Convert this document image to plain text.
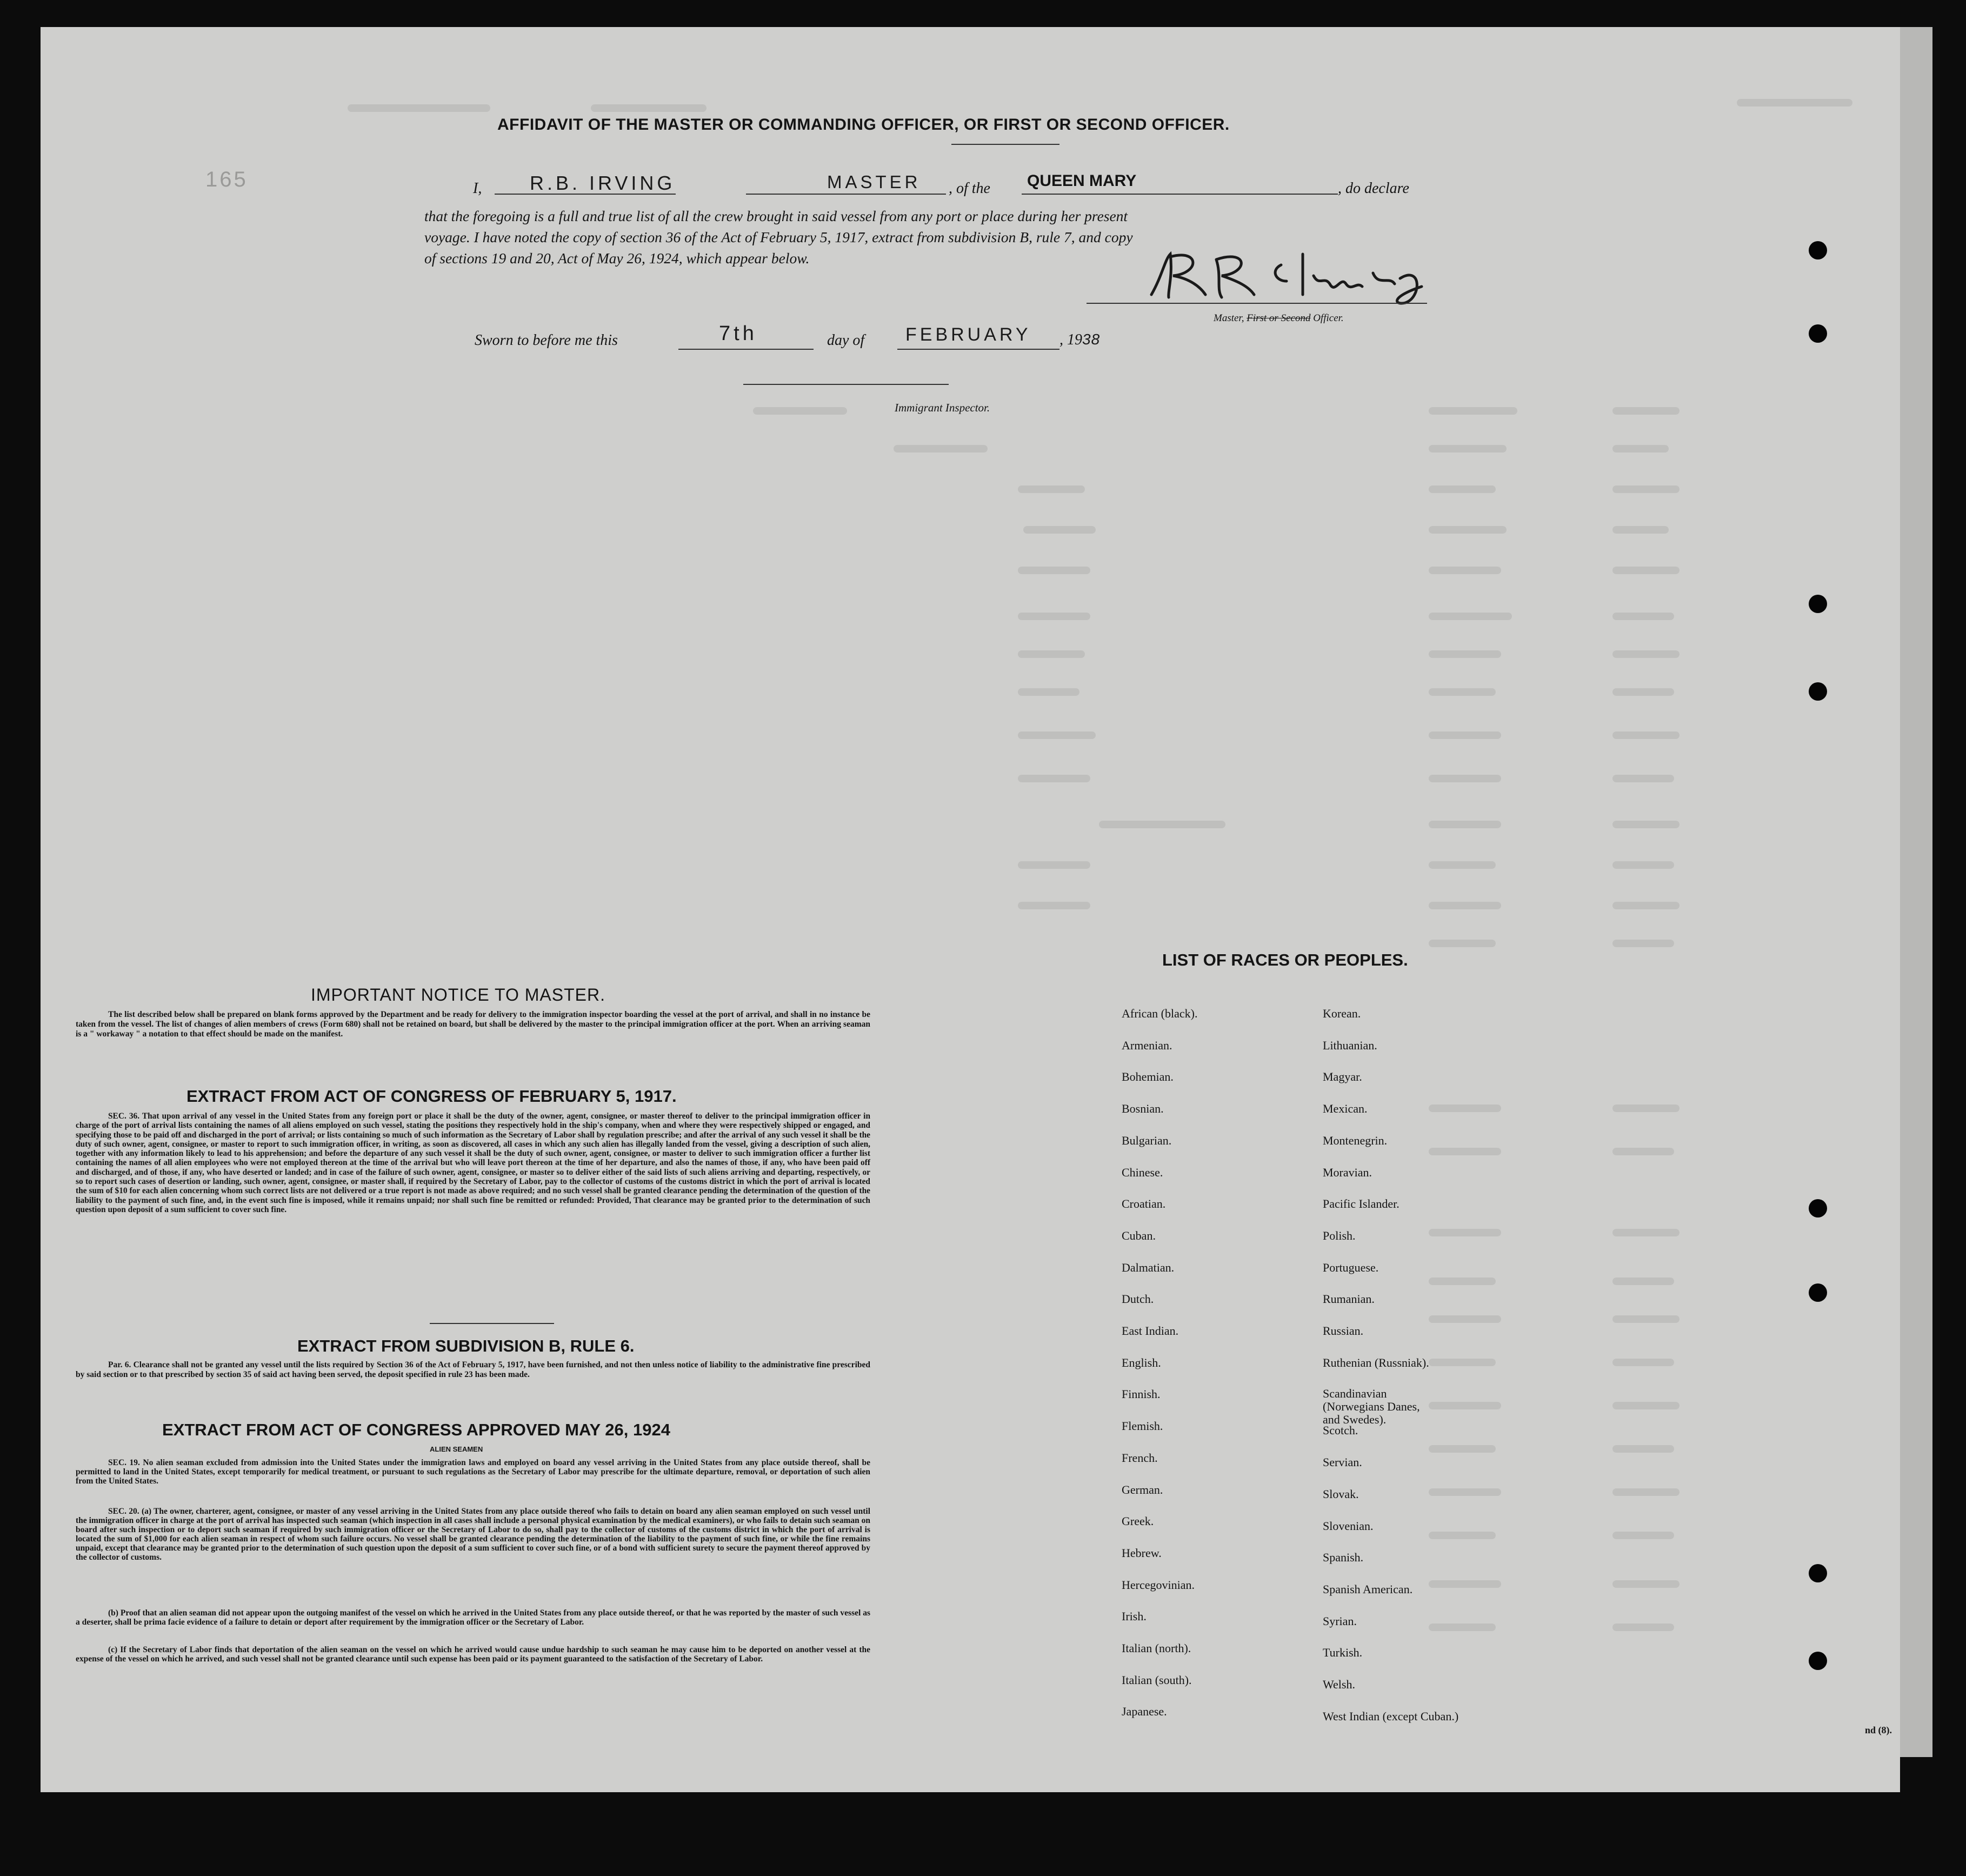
AFFIDAVIT OF THE MASTER OR COMMANDING OFFICER, OR FIRST OR SECOND OFFICER.
165	I, R.B. IRVING	MASTER , of the QUEEN MARY	, do declare
that the foregoing is a full and true list of all the crew brought in said vessel from any port or place during her present
voyage. I have noted the copy of section 36 of the Act of February 5, 1917, extract from subdivision B, rule 7, and copy
of sections 19 and 20, Act of May 26, 1924, which appear below.
Master, First or Second Officer.
Sworn to before me this	7th	day of FEBRUARY , 1938
Immigrant Inspector.
IMPORTANT NOTICE TO MASTER.
The list described below shall be prepared on blank forms approved by the Department and be ready for delivery to the immigration inspector boarding the vessel at the port of arrival, and shall in no instance be taken from the vessel. The list of changes of alien members of crews (Form 680) shall not be retained on board, but shall be delivered by the master to the principal immigration officer at the port. When an arriving seaman is a " workaway " a notation to that effect should be made on the manifest.
EXTRACT FROM ACT OF CONGRESS OF FEBRUARY 5, 1917.
SEC. 36. That upon arrival of any vessel in the United States from any foreign port or place it shall be the duty of the owner, agent, consignee, or master thereof to deliver to the principal immigration officer in charge of the port of arrival lists containing the names of all aliens employed on such vessel, stating the positions they respectively hold in the ship's company, when and where they were respectively shipped or engaged, and specifying those to be paid off and discharged in the port of arrival; or lists containing so much of such information as the Secretary of Labor shall by regulation prescribe; and after the arrival of any such vessel it shall be the duty of such owner, agent, consignee, or master to report to such immigration officer, in writing, as soon as discovered, all cases in which any such alien has illegally landed from the vessel, giving a description of such alien, together with any information likely to lead to his apprehension; and before the departure of any such vessel it shall be the duty of such owner, agent, consignee, or master to deliver to such immigration officer a further list containing the names of all alien employees who were not employed thereon at the time of the arrival but who will leave port thereon at the time of her departure, and also the names of those, if any, who have been paid off and discharged, and of those, if any, who have deserted or landed; and in case of the failure of such owner, agent, consignee, or master so to deliver either of the said lists of such aliens arriving and departing, respectively, or so to report such cases of desertion or landing, such owner, agent, consignee, or master shall, if required by the Secretary of Labor, pay to the collector of customs of the customs district in which the port of arrival is located the sum of $10 for each alien concerning whom such correct lists are not delivered or a true report is not made as above required; and no such vessel shall be granted clearance pending the determination of the question of the liability to the payment of such fine, and, in the event such fine is imposed, while it remains unpaid; nor shall such fine be remitted or refunded: Provided, That clearance may be granted prior to the determination of such question upon deposit of a sum sufficient to cover such fine.
EXTRACT FROM SUBDIVISION B, RULE 6.
Par. 6. Clearance shall not be granted any vessel until the lists required by Section 36 of the Act of February 5, 1917, have been furnished, and not then unless notice of liability to the administrative fine prescribed by said section or to that prescribed by section 35 of said act having been served, the deposit specified in rule 23 has been made.
EXTRACT FROM ACT OF CONGRESS APPROVED MAY 26, 1924
ALIEN SEAMEN
SEC. 19. No alien seaman excluded from admission into the United States under the immigration laws and employed on board any vessel arriving in the United States from any place outside thereof, shall be permitted to land in the United States, except temporarily for medical treatment, or pursuant to such regulations as the Secretary of Labor may prescribe for the ultimate departure, removal, or deportation of such alien from the United States.
SEC. 20. (a) The owner, charterer, agent, consignee, or master of any vessel arriving in the United States from any place outside thereof who fails to detain on board any alien seaman employed on such vessel until the immigration officer in charge at the port of arrival has inspected such seaman (which inspection in all cases shall include a personal physical examination by the medical examiners), or who fails to detain such seaman on board after such inspection or to deport such seaman if required by such immigration officer or the Secretary of Labor to do so, shall pay to the collector of customs of the customs district in which the port of arrival is located the sum of $1,000 for each alien seaman in respect of whom such failure occurs. No vessel shall be granted clearance pending the determination of the liability to the payment of such fine, or while the fine remains unpaid, except that clearance may be granted prior to the determination of such question upon the deposit of a sum sufficient to cover such fine, or of a bond with sufficient surety to secure the payment thereof approved by the collector of customs.
(b) Proof that an alien seaman did not appear upon the outgoing manifest of the vessel on which he arrived in the United States from any place outside thereof, or that he was reported by the master of such vessel as a deserter, shall be prima facie evidence of a failure to detain or deport after requirement by the immigration officer or the Secretary of Labor.
(c) If the Secretary of Labor finds that deportation of the alien seaman on the vessel on which he arrived would cause undue hardship to such seaman he may cause him to be deported on another vessel at the expense of the vessel on which he arrived, and such vessel shall not be granted clearance until such expense has been paid or its payment guaranteed to the satisfaction of the Secretary of Labor.
LIST OF RACES OR PEOPLES.
African (black).
Armenian.
Bohemian.
Bosnian.
Bulgarian.
Chinese.
Croatian.
Cuban.
Dalmatian.
Dutch.
East Indian.
English.
Finnish.
Flemish.
French.
German.
Greek.
Hebrew.
Hercegovinian.
Irish.
Italian (north).
Italian (south).
Japanese.
Korean.
Lithuanian.
Magyar.
Mexican.
Montenegrin.
Moravian.
Pacific Islander.
Polish.
Portuguese.
Rumanian.
Russian.
Ruthenian (Russniak).
Scandinavian (Norwegians Danes, and Swedes).
Scotch.
Servian.
Slovak.
Slovenian.
Spanish.
Spanish American.
Syrian.
Turkish.
Welsh.
West Indian (except Cuban.)
nd (8).
